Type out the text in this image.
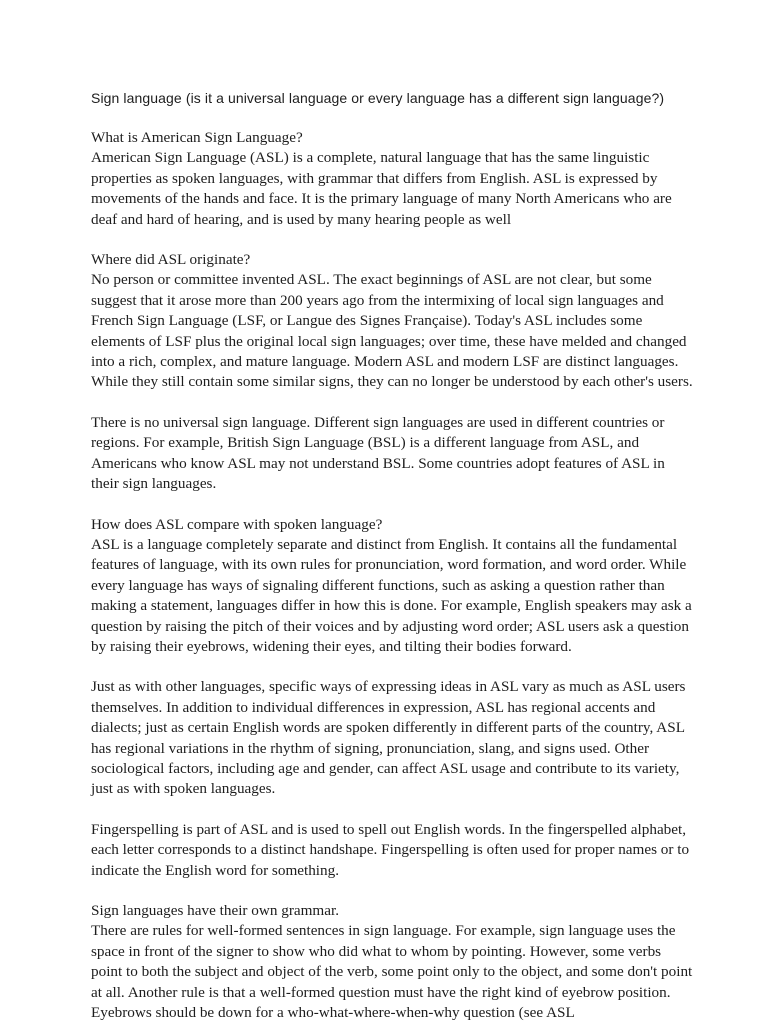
Sign language (is it a universal language or every language has a different sign language?)
What is American Sign Language?
American Sign Language (ASL) is a complete, natural language that has the same linguistic properties as spoken languages, with grammar that differs from English. ASL is expressed by movements of the hands and face. It is the primary language of many North Americans who are deaf and hard of hearing, and is used by many hearing people as well
Where did ASL originate?
No person or committee invented ASL. The exact beginnings of ASL are not clear, but some suggest that it arose more than 200 years ago from the intermixing of local sign languages and French Sign Language (LSF, or Langue des Signes Française). Today's ASL includes some elements of LSF plus the original local sign languages; over time, these have melded and changed into a rich, complex, and mature language. Modern ASL and modern LSF are distinct languages. While they still contain some similar signs, they can no longer be understood by each other's users.
There is no universal sign language. Different sign languages are used in different countries or regions. For example, British Sign Language (BSL) is a different language from ASL, and Americans who know ASL may not understand BSL. Some countries adopt features of ASL in their sign languages.
How does ASL compare with spoken language?
ASL is a language completely separate and distinct from English. It contains all the fundamental features of language, with its own rules for pronunciation, word formation, and word order. While every language has ways of signaling different functions, such as asking a question rather than making a statement, languages differ in how this is done. For example, English speakers may ask a question by raising the pitch of their voices and by adjusting word order; ASL users ask a question by raising their eyebrows, widening their eyes, and tilting their bodies forward.
Just as with other languages, specific ways of expressing ideas in ASL vary as much as ASL users themselves. In addition to individual differences in expression, ASL has regional accents and dialects; just as certain English words are spoken differently in different parts of the country, ASL has regional variations in the rhythm of signing, pronunciation, slang, and signs used. Other sociological factors, including age and gender, can affect ASL usage and contribute to its variety, just as with spoken languages.
Fingerspelling is part of ASL and is used to spell out English words. In the fingerspelled alphabet, each letter corresponds to a distinct handshape. Fingerspelling is often used for proper names or to indicate the English word for something.
Sign languages have their own grammar.
There are rules for well-formed sentences in sign language. For example, sign language uses the space in front of the signer to show who did what to whom by pointing. However, some verbs point to both the subject and object of the verb, some point only to the object, and some don't point at all. Another rule is that a well-formed question must have the right kind of eyebrow position. Eyebrows should be down for a who-what-where-when-why question (see ASL
